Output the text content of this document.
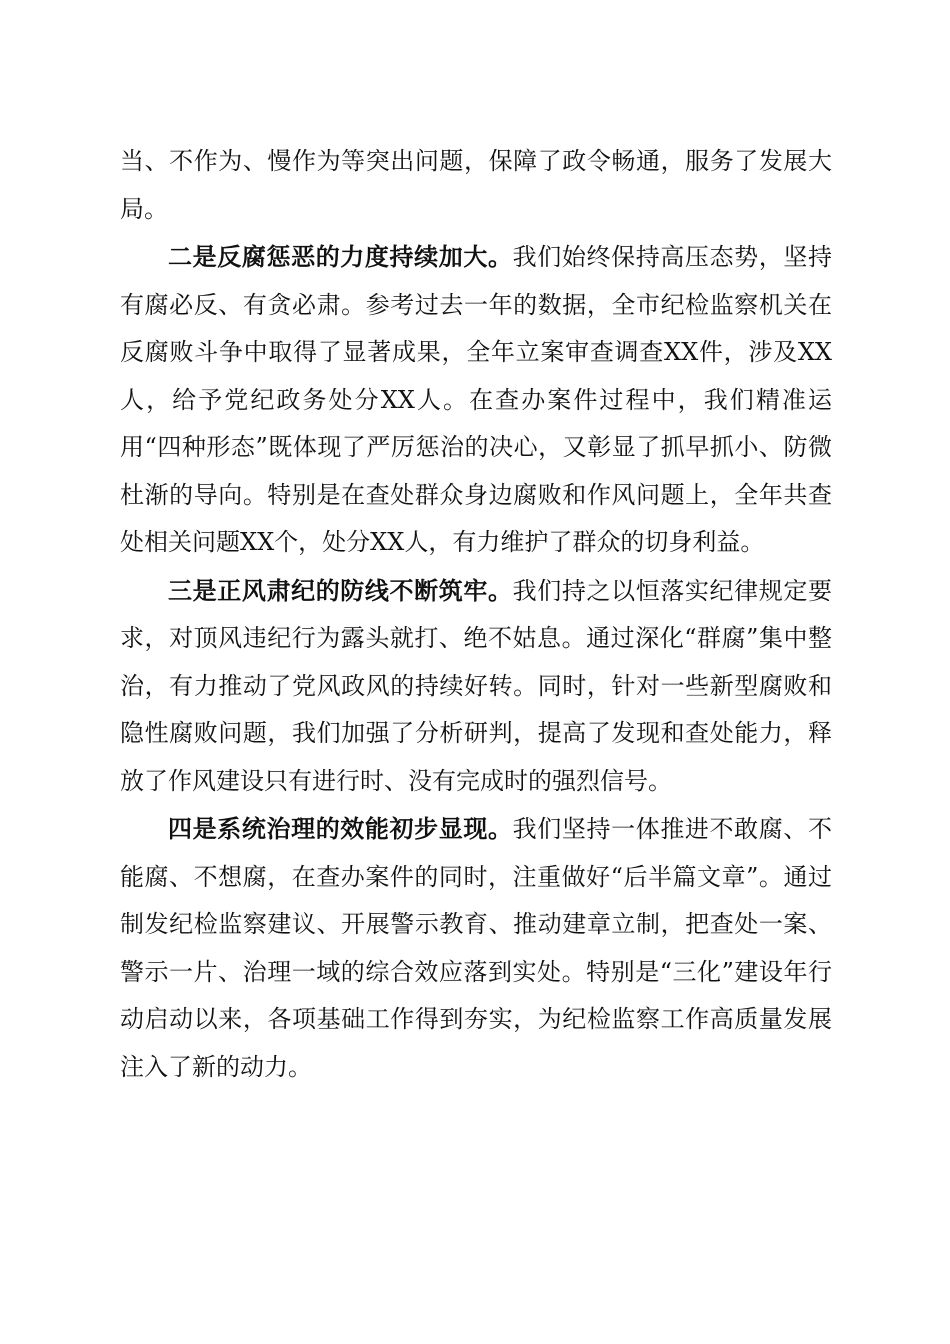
当、不作为、慢作为等突出问题，保障了政令畅通，服务了发展大局。

二是反腐惩恶的力度持续加大。我们始终保持高压态势，坚持有腐必反、有贪必肃。参考过去一年的数据，全市纪检监察机关在反腐败斗争中取得了显著成果，全年立案审查调查XX件，涉及XX人，给予党纪政务处分XX人。在查办案件过程中，我们精准运用“四种形态”既体现了严厉惩治的决心，又彰显了抓早抓小、防微杜渐的导向。特别是在查处群众身边腐败和作风问题上，全年共查处相关问题XX个，处分XX人，有力维护了群众的切身利益。

三是正风肃纪的防线不断筑牢。我们持之以恒落实纪律规定要求，对顶风违纪行为露头就打、绝不姑息。通过深化“群腐”集中整治，有力推动了党风政风的持续好转。同时，针对一些新型腐败和隐性腐败问题，我们加强了分析研判，提高了发现和查处能力，释放了作风建设只有进行时、没有完成时的强烈信号。

四是系统治理的效能初步显现。我们坚持一体推进不敢腐、不能腐、不想腐，在查办案件的同时，注重做好“后半篇文章”。通过制发纪检监察建议、开展警示教育、推动建章立制，把查处一案、警示一片、治理一域的综合效应落到实处。特别是“三化”建设年行动启动以来，各项基础工作得到夯实，为纪检监察工作高质量发展注入了新的动力。
